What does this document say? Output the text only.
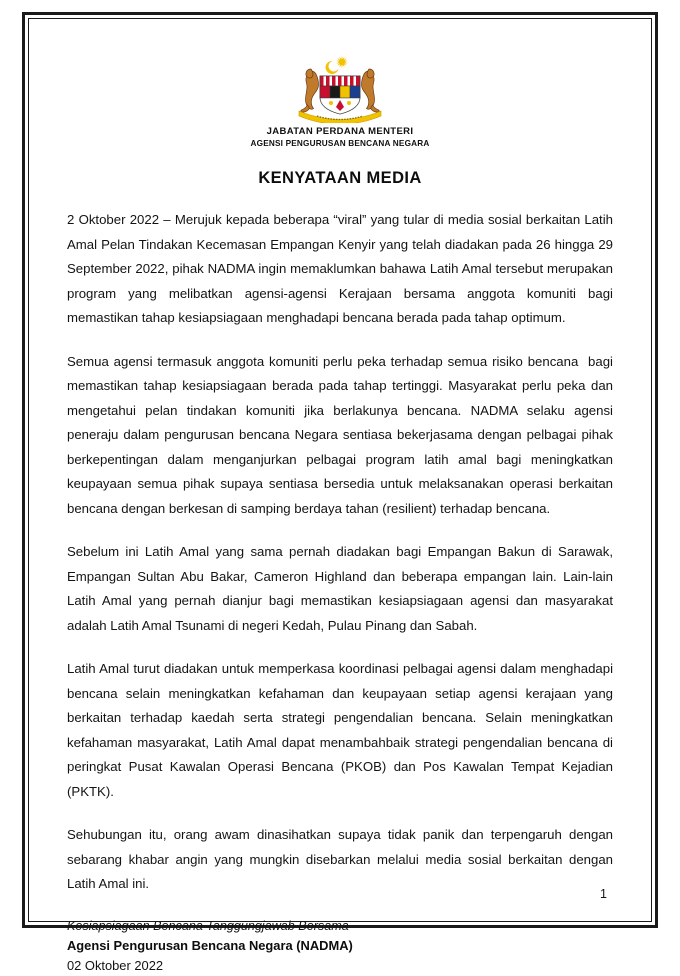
JABATAN PERDANA MENTERI
AGENSI PENGURUSAN BENCANA NEGARA
KENYATAAN MEDIA

2 Oktober 2022 – Merujuk kepada beberapa “viral” yang tular di media sosial berkaitan Latih Amal Pelan Tindakan Kecemasan Empangan Kenyir yang telah diadakan pada 26 hingga 29 September 2022, pihak NADMA ingin memaklumkan bahawa Latih Amal tersebut merupakan program yang melibatkan agensi-agensi Kerajaan bersama anggota komuniti bagi memastikan tahap kesiapsiagaan menghadapi bencana berada pada tahap optimum.

Semua agensi termasuk anggota komuniti perlu peka terhadap semua risiko bencana  bagi memastikan tahap kesiapsiagaan berada pada tahap tertinggi. Masyarakat perlu peka dan mengetahui pelan tindakan komuniti jika berlakunya bencana. NADMA selaku agensi peneraju dalam pengurusan bencana Negara sentiasa bekerjasama dengan pelbagai pihak berkepentingan dalam menganjurkan pelbagai program latih amal bagi meningkatkan keupayaan semua pihak supaya sentiasa bersedia untuk melaksanakan operasi berkaitan bencana dengan berkesan di samping berdaya tahan (resilient) terhadap bencana.

Sebelum ini Latih Amal yang sama pernah diadakan bagi Empangan Bakun di Sarawak, Empangan Sultan Abu Bakar, Cameron Highland dan beberapa empangan lain. Lain-lain Latih Amal yang pernah dianjur bagi memastikan kesiapsiagaan agensi dan masyarakat adalah Latih Amal Tsunami di negeri Kedah, Pulau Pinang dan Sabah.

Latih Amal turut diadakan untuk memperkasa koordinasi pelbagai agensi dalam menghadapi bencana selain meningkatkan kefahaman dan keupayaan setiap agensi kerajaan yang berkaitan terhadap kaedah serta strategi pengendalian bencana. Selain meningkatkan kefahaman masyarakat, Latih Amal dapat menambahbaik strategi pengendalian bencana di peringkat Pusat Kawalan Operasi Bencana (PKOB) dan Pos Kawalan Tempat Kejadian (PKTK).

Sehubungan itu, orang awam dinasihatkan supaya tidak panik dan terpengaruh dengan sebarang khabar angin yang mungkin disebarkan melalui media sosial berkaitan dengan Latih Amal ini.

Kesiapsiagaan Bencana Tanggungjawab Bersama
Agensi Pengurusan Bencana Negara (NADMA)
02 Oktober 2022
1
